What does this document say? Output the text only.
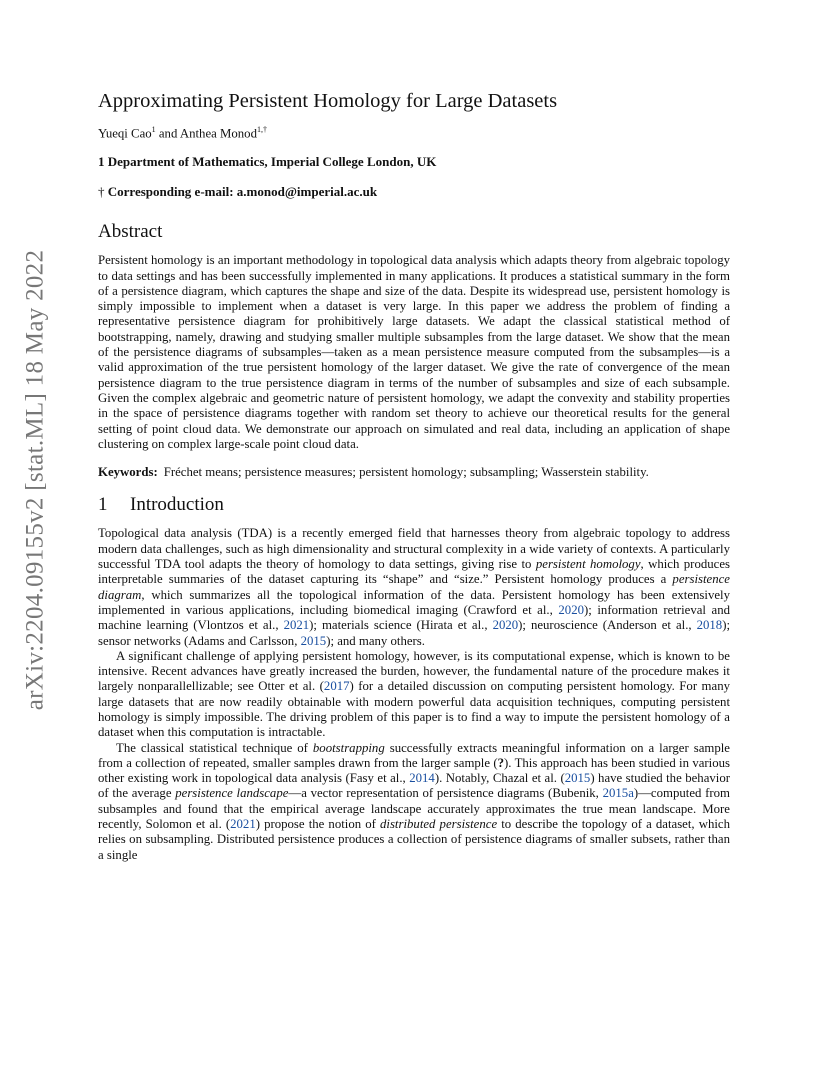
arXiv:2204.09155v2 [stat.ML] 18 May 2022
Approximating Persistent Homology for Large Datasets
Yueqi Cao$^1$ and Anthea Monod$^{1,\dagger}$
1 Department of Mathematics, Imperial College London, UK
† Corresponding e-mail: a.monod@imperial.ac.uk
Abstract

Persistent homology is an important methodology in topological data analysis which adapts theory from algebraic topology to data settings and has been successfully implemented in many applications. It produces a statistical summary in the form of a persistence diagram, which captures the shape and size of the data. Despite its widespread use, persistent homology is simply impossible to implement when a dataset is very large. In this paper we address the problem of finding a representative persistence diagram for prohibitively large datasets. We adapt the classical statistical method of bootstrapping, namely, drawing and studying smaller multiple subsamples from the large dataset. We show that the mean of the persistence diagrams of subsamples—taken as a mean persistence measure computed from the subsamples—is a valid approximation of the true persistent homology of the larger dataset. We give the rate of convergence of the mean persistence diagram to the true persistence diagram in terms of the number of subsamples and size of each subsample. Given the complex algebraic and geometric nature of persistent homology, we adapt the convexity and stability properties in the space of persistence diagrams together with random set theory to achieve our theoretical results for the general setting of point cloud data. We demonstrate our approach on simulated and real data, including an application of shape clustering on complex large-scale point cloud data.

Keywords: Fréchet means; persistence measures; persistent homology; subsampling; Wasserstein stability.
1 Introduction

Topological data analysis (TDA) is a recently emerged field that harnesses theory from algebraic topology to address modern data challenges, such as high dimensionality and structural complexity in a wide variety of contexts. A particularly successful TDA tool adapts the theory of homology to data settings, giving rise to persistent homology, which produces interpretable summaries of the dataset capturing its “shape” and “size.” Persistent homology produces a persistence diagram, which summarizes all the topological information of the data. Persistent homology has been extensively implemented in various applications, including biomedical imaging (Crawford et al., 2020); information retrieval and machine learning (Vlontzos et al., 2021); materials science (Hirata et al., 2020); neuroscience (Anderson et al., 2018); sensor networks (Adams and Carlsson, 2015); and many others.

A significant challenge of applying persistent homology, however, is its computational expense, which is known to be intensive. Recent advances have greatly increased the burden, however, the fundamental nature of the procedure makes it largely nonparallellizable; see Otter et al. (2017) for a detailed discussion on computing persistent homology. For many large datasets that are now readily obtainable with modern powerful data acquisition techniques, computing persistent homology is simply impossible. The driving problem of this paper is to find a way to impute the persistent homology of a dataset when this computation is intractable.

The classical statistical technique of bootstrapping successfully extracts meaningful information on a larger sample from a collection of repeated, smaller samples drawn from the larger sample (?). This approach has been studied in various other existing work in topological data analysis (Fasy et al., 2014). Notably, Chazal et al. (2015) have studied the behavior of the average persistence landscape—a vector representation of persistence diagrams (Bubenik, 2015a)—computed from subsamples and found that the empirical average landscape accurately approximates the true mean landscape. More recently, Solomon et al. (2021) propose the notion of distributed persistence to describe the topology of a dataset, which relies on subsampling. Distributed persistence produces a collection of persistence diagrams of smaller subsets, rather than a single
